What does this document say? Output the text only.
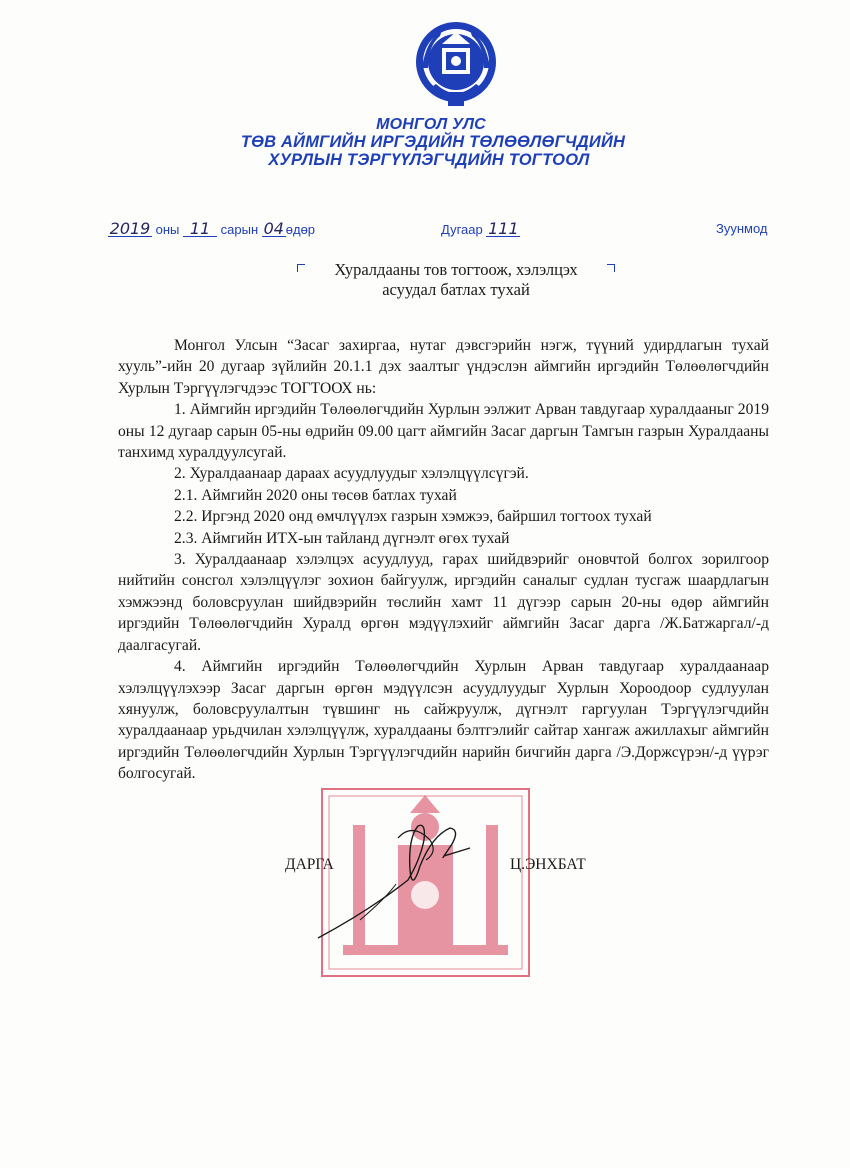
МОНГОЛ УЛС
ТӨВ АЙМГИЙН ИРГЭДИЙН ТӨЛӨӨЛӨГЧДИЙН
ХУРЛЫН ТЭРГҮҮЛЭГЧДИЙН ТОГТООЛ
2019 оны 11 сарын 04 өдөр	Дугаар 111	Зуунмод
Хуралдааны тов тогтоож, хэлэлцэх
асуудал батлах тухай

Монгол Улсын “Засаг захиргаа, нутаг дэвсгэрийн нэгж, түүний удирдлагын тухай хууль”-ийн 20 дугаар зүйлийн 20.1.1 дэх заалтыг үндэслэн аймгийн иргэдийн Төлөөлөгчдийн Хурлын Тэргүүлэгчдээс ТОГТООХ нь:

1. Аймгийн иргэдийн Төлөөлөгчдийн Хурлын ээлжит Арван тавдугаар хуралдааныг 2019 оны 12 дугаар сарын 05-ны өдрийн 09.00 цагт аймгийн Засаг даргын Тамгын газрын Хуралдааны танхимд хуралдуулсугай.

2. Хуралдаанаар дараах асуудлуудыг хэлэлцүүлсүгэй.

2.1. Аймгийн 2020 оны төсөв батлах тухай

2.2. Иргэнд 2020 онд өмчлүүлэх газрын хэмжээ, байршил тогтоох тухай

2.3. Аймгийн ИТХ-ын тайланд дүгнэлт өгөх тухай

3. Хуралдаанаар хэлэлцэх асуудлууд, гарах шийдвэрийг оновчтой болгох зорилгоор нийтийн сонсгол хэлэлцүүлэг зохион байгуулж, иргэдийн саналыг судлан тусгаж шаардлагын хэмжээнд боловсруулан шийдвэрийн төслийн хамт 11 дүгээр сарын 20-ны өдөр аймгийн иргэдийн Төлөөлөгчдийн Хуралд өргөн мэдүүлэхийг аймгийн Засаг дарга /Ж.Батжаргал/-д даалгасугай.

4. Аймгийн иргэдийн Төлөөлөгчдийн Хурлын Арван тавдугаар хуралдаанаар хэлэлцүүлэхээр Засаг даргын өргөн мэдүүлсэн асуудлуудыг Хурлын Хороодоор судлуулан хянуулж, боловсруулалтын түвшинг нь сайжруулж, дүгнэлт гаргуулан Тэргүүлэгчдийн хуралдаанаар урьдчилан хэлэлцүүлж, хуралдааны бэлтгэлийг сайтар хангаж ажиллахыг аймгийн иргэдийн Төлөөлөгчдийн Хурлын Тэргүүлэгчдийн нарийн бичгийн дарга /Э.Доржсүрэн/-д үүрэг болгосугай.

ДАРГА	Ц.ЭНХБАТ
